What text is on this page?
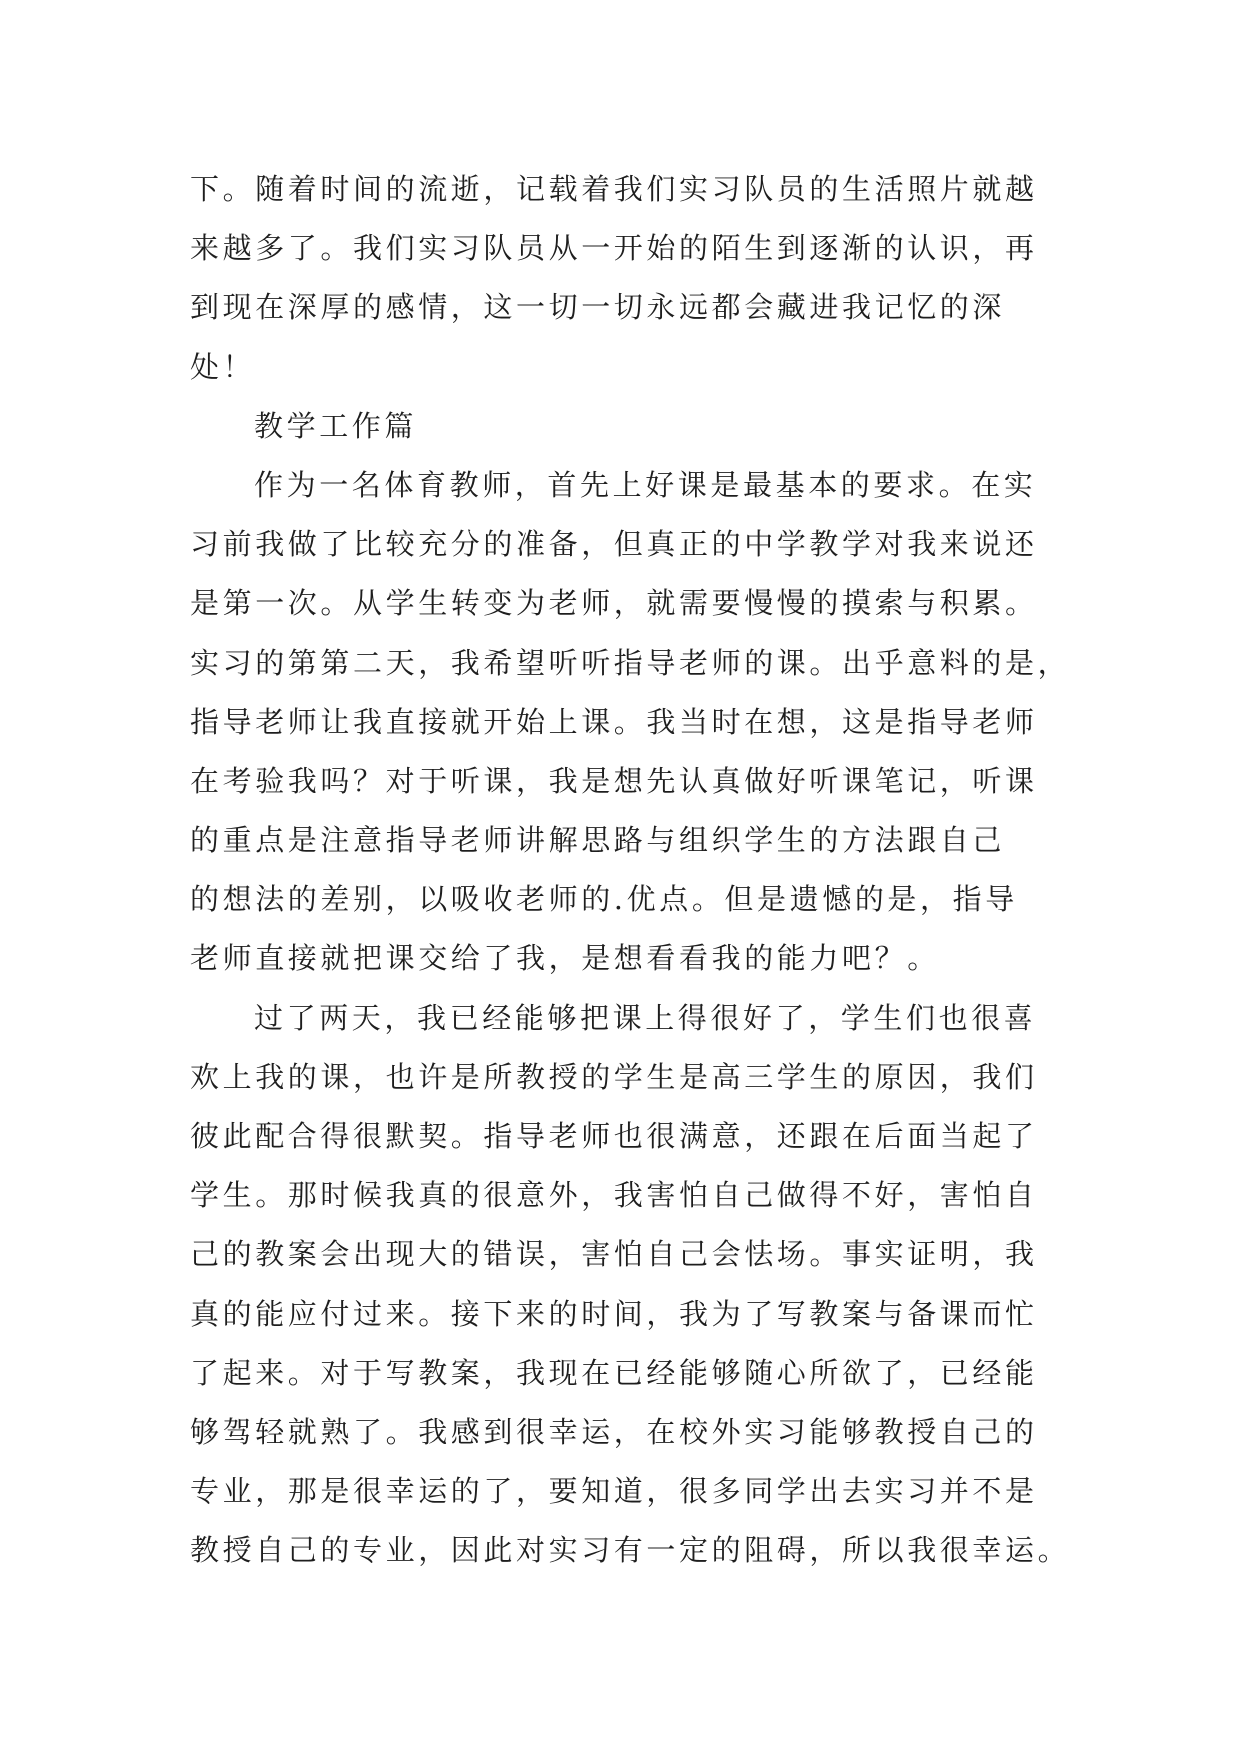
下。随着时间的流逝，记载着我们实习队员的生活照片就越
来越多了。我们实习队员从一开始的陌生到逐渐的认识，再
到现在深厚的感情，这一切一切永远都会藏进我记忆的深
处！
教学工作篇
作为一名体育教师，首先上好课是最基本的要求。在实
习前我做了比较充分的准备，但真正的中学教学对我来说还
是第一次。从学生转变为老师，就需要慢慢的摸索与积累。
实习的第第二天，我希望听听指导老师的课。出乎意料的是，
指导老师让我直接就开始上课。我当时在想，这是指导老师
在考验我吗？对于听课，我是想先认真做好听课笔记，听课
的重点是注意指导老师讲解思路与组织学生的方法跟自己
的想法的差别，以吸收老师的.优点。但是遗憾的是，指导
老师直接就把课交给了我，是想看看我的能力吧？。
过了两天，我已经能够把课上得很好了，学生们也很喜
欢上我的课，也许是所教授的学生是高三学生的原因，我们
彼此配合得很默契。指导老师也很满意，还跟在后面当起了
学生。那时候我真的很意外，我害怕自己做得不好，害怕自
己的教案会出现大的错误，害怕自己会怯场。事实证明，我
真的能应付过来。接下来的时间，我为了写教案与备课而忙
了起来。对于写教案，我现在已经能够随心所欲了，已经能
够驾轻就熟了。我感到很幸运，在校外实习能够教授自己的
专业，那是很幸运的了，要知道，很多同学出去实习并不是
教授自己的专业，因此对实习有一定的阻碍，所以我很幸运。
